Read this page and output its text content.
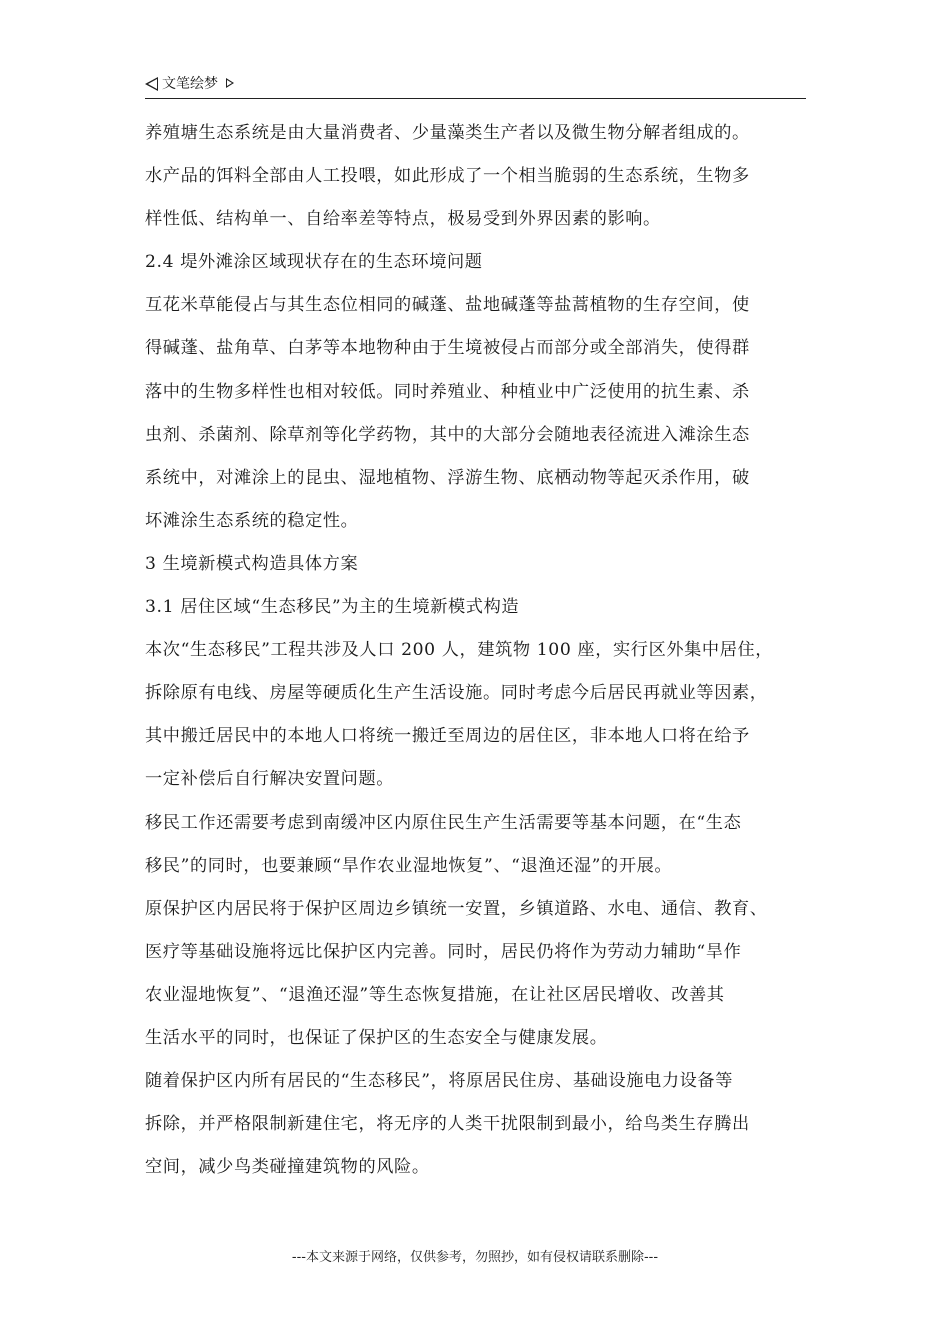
文笔绘梦

养殖塘生态系统是由大量消费者、少量藻类生产者以及微生物分解者组成的。

水产品的饵料全部由人工投喂，如此形成了一个相当脆弱的生态系统，生物多

样性低、结构单一、自给率差等特点，极易受到外界因素的影响。

2.4 堤外滩涂区域现状存在的生态环境问题

互花米草能侵占与其生态位相同的碱蓬、盐地碱蓬等盐蒿植物的生存空间，使

得碱蓬、盐角草、白茅等本地物种由于生境被侵占而部分或全部消失，使得群

落中的生物多样性也相对较低。同时养殖业、种植业中广泛使用的抗生素、杀

虫剂、杀菌剂、除草剂等化学药物，其中的大部分会随地表径流进入滩涂生态

系统中，对滩涂上的昆虫、湿地植物、浮游生物、底栖动物等起灭杀作用，破

坏滩涂生态系统的稳定性。

3 生境新模式构造具体方案

3.1 居住区域“生态移民”为主的生境新模式构造

本次“生态移民”工程共涉及人口 200 人，建筑物 100 座，实行区外集中居住，

拆除原有电线、房屋等硬质化生产生活设施。同时考虑今后居民再就业等因素，

其中搬迁居民中的本地人口将统一搬迁至周边的居住区，非本地人口将在给予

一定补偿后自行解决安置问题。

移民工作还需要考虑到南缓冲区内原住民生产生活需要等基本问题，在“生态

移民”的同时，也要兼顾“旱作农业湿地恢复”、“退渔还湿”的开展。

原保护区内居民将于保护区周边乡镇统一安置，乡镇道路、水电、通信、教育、

医疗等基础设施将远比保护区内完善。同时，居民仍将作为劳动力辅助“旱作

农业湿地恢复”、“退渔还湿”等生态恢复措施，在让社区居民增收、改善其

生活水平的同时，也保证了保护区的生态安全与健康发展。

随着保护区内所有居民的“生态移民”，将原居民住房、基础设施电力设备等

拆除，并严格限制新建住宅，将无序的人类干扰限制到最小，给鸟类生存腾出

空间，减少鸟类碰撞建筑物的风险。

---本文来源于网络，仅供参考，勿照抄，如有侵权请联系删除---
